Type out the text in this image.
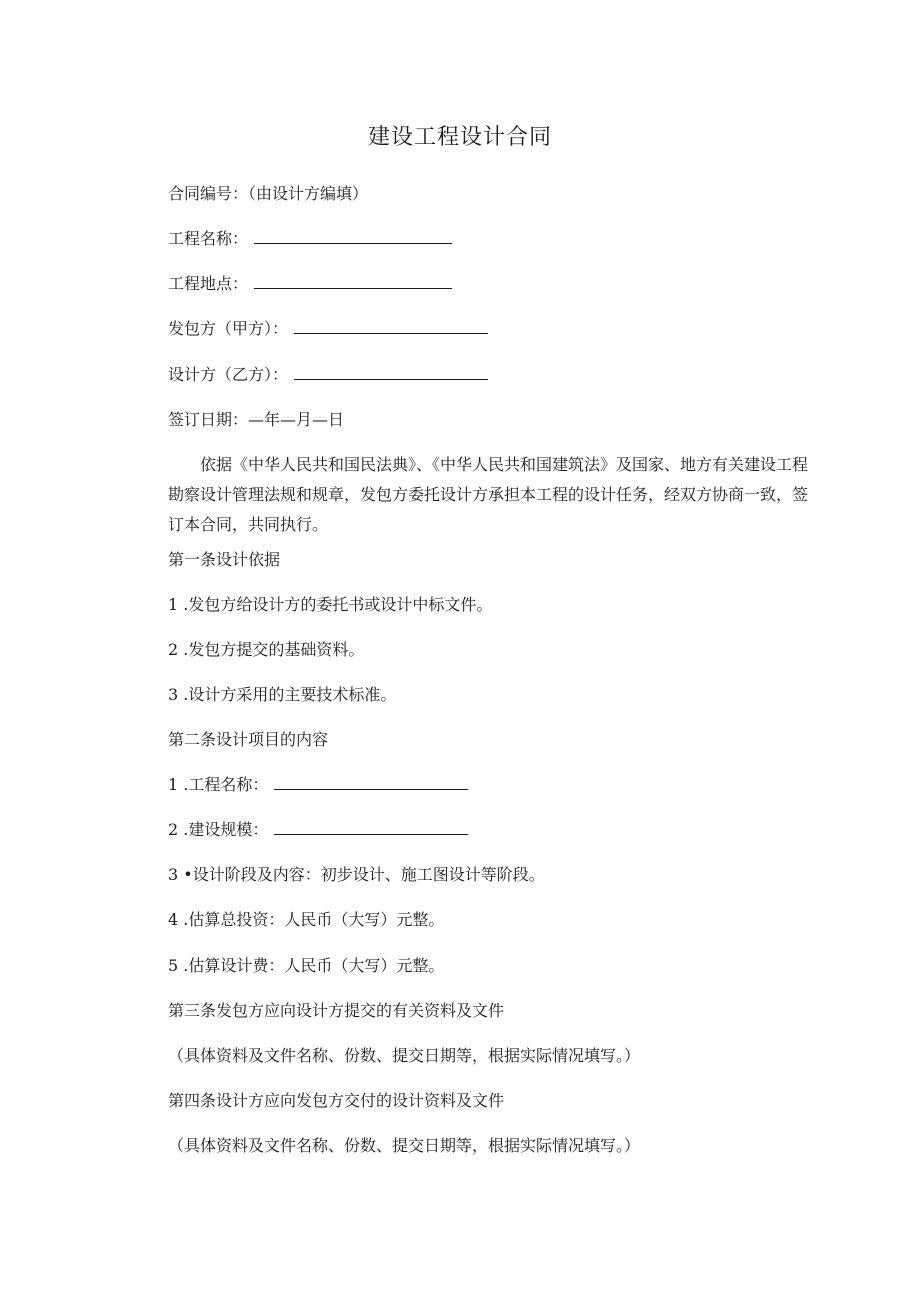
建设工程设计合同
合同编号：（由设计方编填）
工程名称：
工程地点：
发包方（甲方）：
设计方（乙方）：
签订日期：—年—月—日
依据《中华人民共和国民法典》、《中华人民共和国建筑法》及国家、地方有关建设工程勘察设计管理法规和规章，发包方委托设计方承担本工程的设计任务，经双方协商一致，签订本合同，共同执行。
第一条设计依据
1 .发包方给设计方的委托书或设计中标文件。
2 .发包方提交的基础资料。
3 .设计方采用的主要技术标准。
第二条设计项目的内容
1 .工程名称：
2 .建设规模：
3 •设计阶段及内容：初步设计、施工图设计等阶段。
4 .估算总投资：人民币（大写）元整。
5 .估算设计费：人民币（大写）元整。
第三条发包方应向设计方提交的有关资料及文件
（具体资料及文件名称、份数、提交日期等，根据实际情况填写。）
第四条设计方应向发包方交付的设计资料及文件
（具体资料及文件名称、份数、提交日期等，根据实际情况填写。）
